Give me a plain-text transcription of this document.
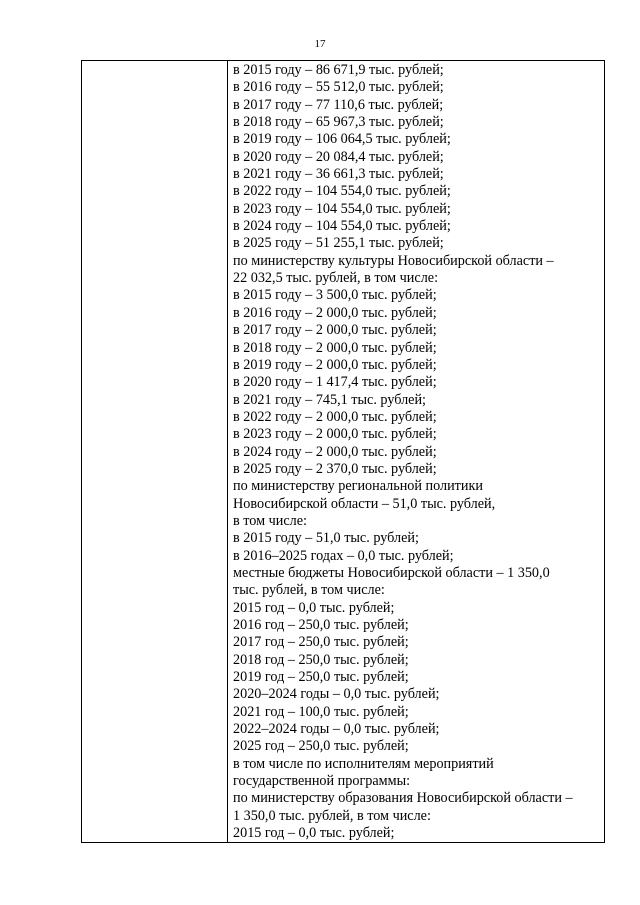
17
в 2015 году – 86 671,9 тыс. рублей;
в 2016 году – 55 512,0 тыс. рублей;
в 2017 году – 77 110,6 тыс. рублей;
в 2018 году – 65 967,3 тыс. рублей;
в 2019 году – 106 064,5 тыс. рублей;
в 2020 году – 20 084,4 тыс. рублей;
в 2021 году – 36 661,3 тыс. рублей;
в 2022 году – 104 554,0 тыс. рублей;
в 2023 году – 104 554,0 тыс. рублей;
в 2024 году – 104 554,0 тыс. рублей;
в 2025 году – 51 255,1 тыс. рублей;
по министерству культуры Новосибирской области –
22 032,5 тыс. рублей, в том числе:
в 2015 году – 3 500,0 тыс. рублей;
в 2016 году – 2 000,0 тыс. рублей;
в 2017 году – 2 000,0 тыс. рублей;
в 2018 году – 2 000,0 тыс. рублей;
в 2019 году – 2 000,0 тыс. рублей;
в 2020 году – 1 417,4 тыс. рублей;
в 2021 году – 745,1 тыс. рублей;
в 2022 году – 2 000,0 тыс. рублей;
в 2023 году – 2 000,0 тыс. рублей;
в 2024 году – 2 000,0 тыс. рублей;
в 2025 году – 2 370,0 тыс. рублей;
по министерству региональной политики
Новосибирской области – 51,0 тыс. рублей,
в том числе:
в 2015 году – 51,0 тыс. рублей;
в 2016–2025 годах – 0,0 тыс. рублей;
местные бюджеты Новосибирской области – 1 350,0
тыс. рублей, в том числе:
2015 год – 0,0 тыс. рублей;
2016 год – 250,0 тыс. рублей;
2017 год – 250,0 тыс. рублей;
2018 год – 250,0 тыс. рублей;
2019 год – 250,0 тыс. рублей;
2020–2024 годы – 0,0 тыс. рублей;
2021 год – 100,0 тыс. рублей;
2022–2024 годы – 0,0 тыс. рублей;
2025 год – 250,0 тыс. рублей;
в том числе по исполнителям мероприятий
государственной программы:
по министерству образования Новосибирской области –
1 350,0 тыс. рублей, в том числе:
2015 год – 0,0 тыс. рублей;
